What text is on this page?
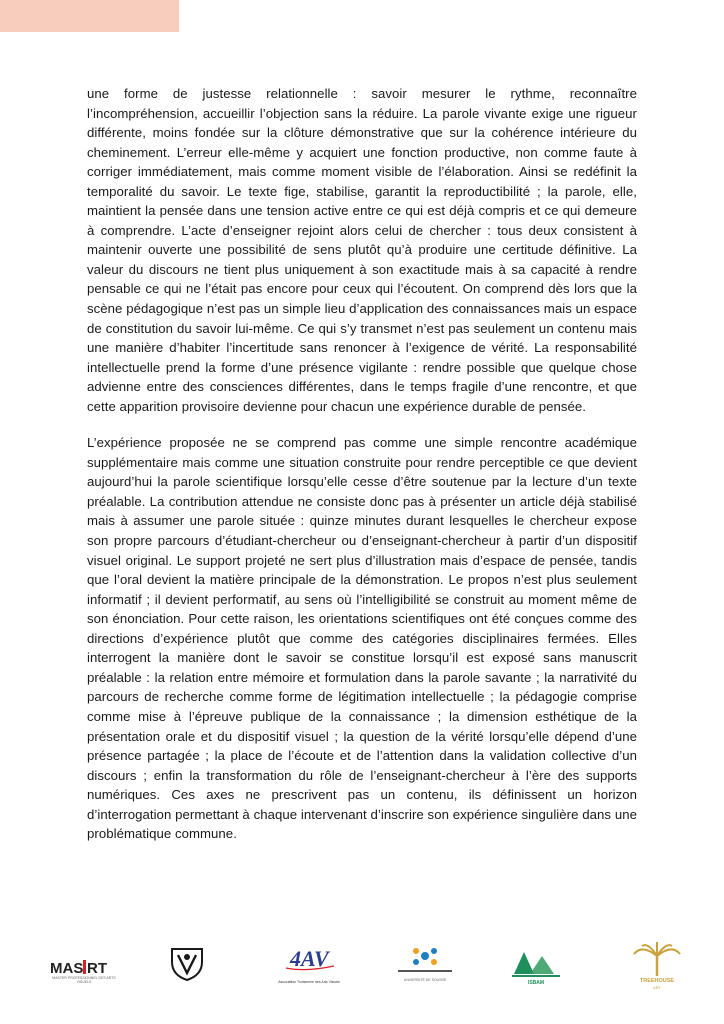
une forme de justesse relationnelle : savoir mesurer le rythme, reconnaître l’incompréhension, accueillir l’objection sans la réduire. La parole vivante exige une rigueur différente, moins fondée sur la clôture démonstrative que sur la cohérence intérieure du cheminement. L’erreur elle-même y acquiert une fonction productive, non comme faute à corriger immédiatement, mais comme moment visible de l’élaboration. Ainsi se redéfinit la temporalité du savoir. Le texte fige, stabilise, garantit la reproductibilité ; la parole, elle, maintient la pensée dans une tension active entre ce qui est déjà compris et ce qui demeure à comprendre. L’acte d’enseigner rejoint alors celui de chercher : tous deux consistent à maintenir ouverte une possibilité de sens plutôt qu’à produire une certitude définitive. La valeur du discours ne tient plus uniquement à son exactitude mais à sa capacité à rendre pensable ce qui ne l’était pas encore pour ceux qui l’écoutent. On comprend dès lors que la scène pédagogique n’est pas un simple lieu d’application des connaissances mais un espace de constitution du savoir lui-même. Ce qui s’y transmet n’est pas seulement un contenu mais une manière d’habiter l’incertitude sans renoncer à l’exigence de vérité. La responsabilité intellectuelle prend la forme d’une présence vigilante : rendre possible que quelque chose advienne entre des consciences différentes, dans le temps fragile d’une rencontre, et que cette apparition provisoire devienne pour chacun une expérience durable de pensée.

L’expérience proposée ne se comprend pas comme une simple rencontre académique supplémentaire mais comme une situation construite pour rendre perceptible ce que devient aujourd’hui la parole scientifique lorsqu’elle cesse d’être soutenue par la lecture d’un texte préalable. La contribution attendue ne consiste donc pas à présenter un article déjà stabilisé mais à assumer une parole située : quinze minutes durant lesquelles le chercheur expose son propre parcours d’étudiant-chercheur ou d’enseignant-chercheur à partir d’un dispositif visuel original. Le support projeté ne sert plus d’illustration mais d’espace de pensée, tandis que l’oral devient la matière principale de la démonstration. Le propos n’est plus seulement informatif ; il devient performatif, au sens où l’intelligibilité se construit au moment même de son énonciation. Pour cette raison, les orientations scientifiques ont été conçues comme des directions d’expérience plutôt que comme des catégories disciplinaires fermées. Elles interrogent la manière dont le savoir se constitue lorsqu’il est exposé sans manuscrit préalable : la relation entre mémoire et formulation dans la parole savante ; la narrativité du parcours de recherche comme forme de légitimation intellectuelle ; la pédagogie comprise comme mise à l’épreuve publique de la connaissance ; la dimension esthétique de la présentation orale et du dispositif visuel ; la question de la vérité lorsqu’elle dépend d’une présence partagée ; la place de l’écoute et de l’attention dans la validation collective d’un discours ; enfin la transformation du rôle de l’enseignant-chercheur à l’ère des supports numériques. Ces axes ne prescrivent pas un contenu, ils définissent un horizon d’interrogation permettant à chaque intervenant d’inscrire son expérience singulière dans une problématique commune.

MAS RT
MASTER PROFESSIONNEL DES ARTS VISUELS
4AV
Association Tunisienne des Arts Visuels	UNIVERSITÉ DE SOUSSE	ISBAM	TREEHOUSE
ART
